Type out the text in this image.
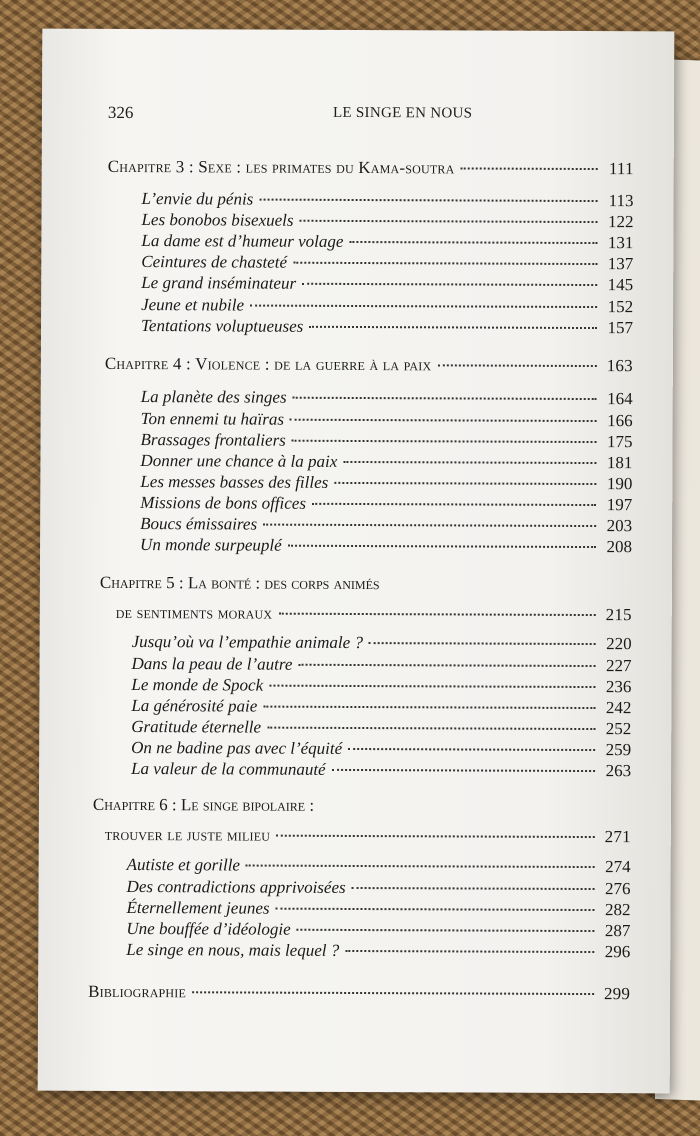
326	LE SINGE EN NOUS
Chapitre 3 : Sexe : les primates du Kama-soutra	111
L’envie du pénis	113
Les bonobos bisexuels	122
La dame est d’humeur volage	131
Ceintures de chasteté	137
Le grand inséminateur	145
Jeune et nubile	152
Tentations voluptueuses	157
Chapitre 4 : Violence : de la guerre à la paix	163
La planète des singes	164
Ton ennemi tu haïras	166
Brassages frontaliers	175
Donner une chance à la paix	181
Les messes basses des filles	190
Missions de bons offices	197
Boucs émissaires	203
Un monde surpeuplé	208
Chapitre 5 : La bonté : des corps animés
de sentiments moraux	215
Jusqu’où va l’empathie animale ?	220
Dans la peau de l’autre	227
Le monde de Spock	236
La générosité paie	242
Gratitude éternelle	252
On ne badine pas avec l’équité	259
La valeur de la communauté	263
Chapitre 6 : Le singe bipolaire :
trouver le juste milieu	271
Autiste et gorille	274
Des contradictions apprivoisées	276
Éternellement jeunes	282
Une bouffée d’idéologie	287
Le singe en nous, mais lequel ?	296
Bibliographie	299
